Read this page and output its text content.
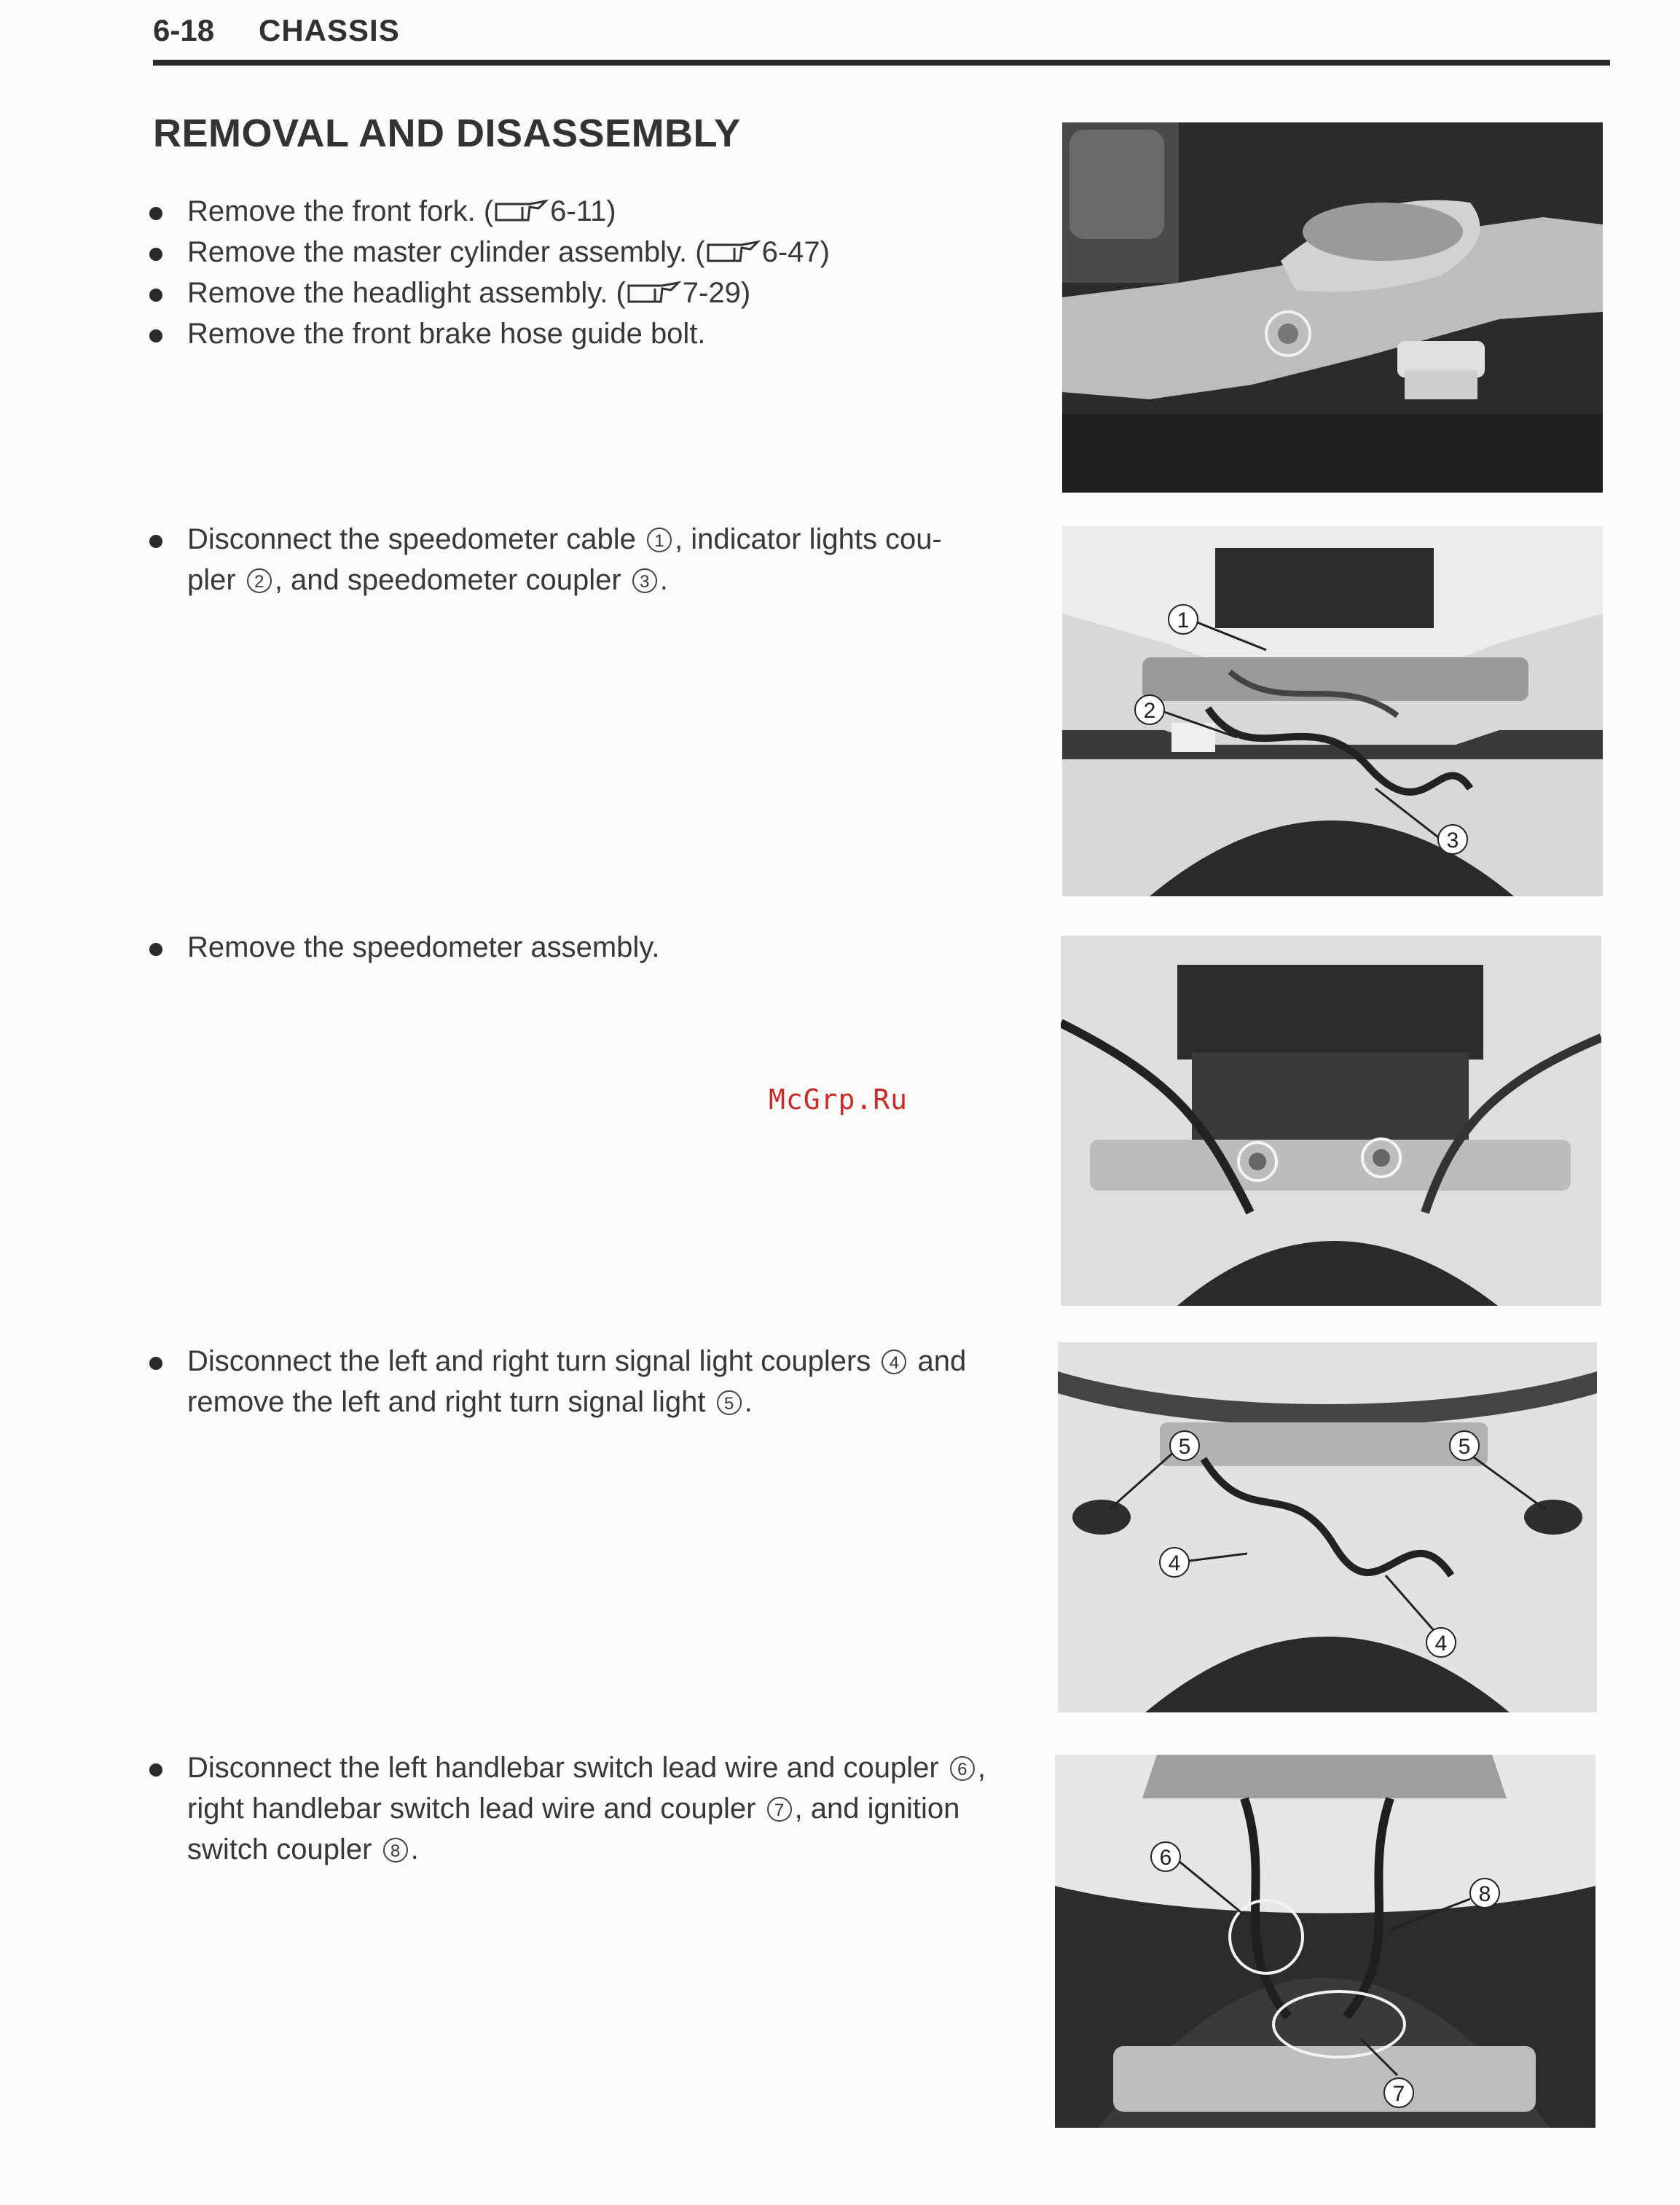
6-18 CHASSIS
REMOVAL AND DISASSEMBLY
Remove the front fork. ( 6-11)
Remove the master cylinder assembly. ( 6-47)
Remove the headlight assembly. ( 7-29)
Remove the front brake hose guide bolt.
Disconnect the speedometer cable 1 , indicator lights cou-
pler 2 , and speedometer coupler 3 .
Remove the speedometer assembly.
Disconnect the left and right turn signal light couplers 4 and
remove the left and right turn signal light 5 .
Disconnect the left handlebar switch lead wire and coupler 6 ,
right handlebar switch lead wire and coupler 7 , and ignition
switch coupler 8 .
1
2
3
5	5
4
4
6
8
7
McGrp.Ru
